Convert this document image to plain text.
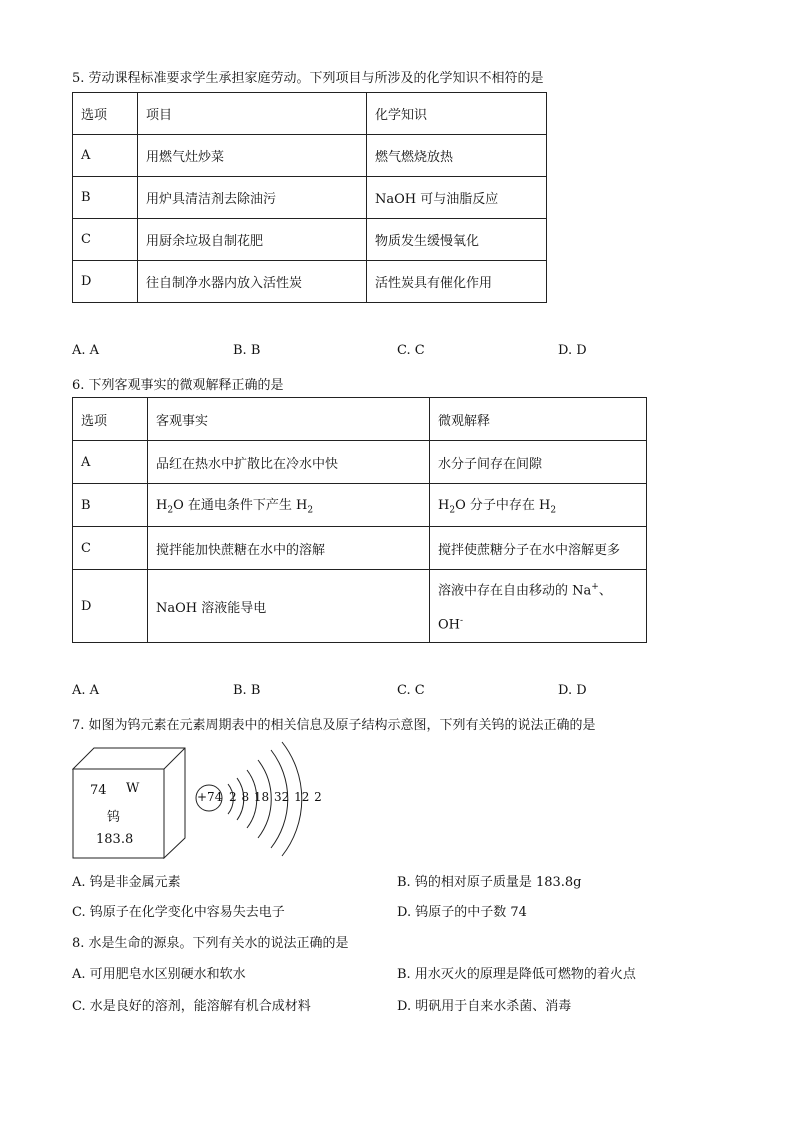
5. 劳动课程标准要求学生承担家庭劳动。下列项目与所涉及的化学知识不相符的是
选项	项目	化学知识
A	用燃气灶炒菜	燃气燃烧放热
B	用炉具清洁剂去除油污	NaOH 可与油脂反应
C	用厨余垃圾自制花肥	物质发生缓慢氧化
D	往自制净水器内放入活性炭	活性炭具有催化作用
A. A	B. B	C. C	D. D
6. 下列客观事实的微观解释正确的是
选项	客观事实	微观解释
A	品红在热水中扩散比在冷水中快	水分子间存在间隙
B	$H_2O$ 在通电条件下产生 $H_2$	$H_2O$ 分子中存在 $H_2$
C	搅拌能加快蔗糖在水中的溶解	搅拌使蔗糖分子在水中溶解更多
D	NaOH 溶液能导电	溶液中存在自由移动的 Na+、
OH-
A. A	B. B	C. C	D. D
7. 如图为钨元素在元素周期表中的相关信息及原子结构示意图，下列有关钨的说法正确的是
74 W
钨
183.8
+74 2 8 18 32 12 2
A. 钨是非金属元素	B. 钨的相对原子质量是 183.8g
C. 钨原子在化学变化中容易失去电子	D. 钨原子的中子数 74
8. 水是生命的源泉。下列有关水的说法正确的是
A. 可用肥皂水区别硬水和软水	B. 用水灭火的原理是降低可燃物的着火点
C. 水是良好的溶剂，能溶解有机合成材料	D. 明矾用于自来水杀菌、消毒
